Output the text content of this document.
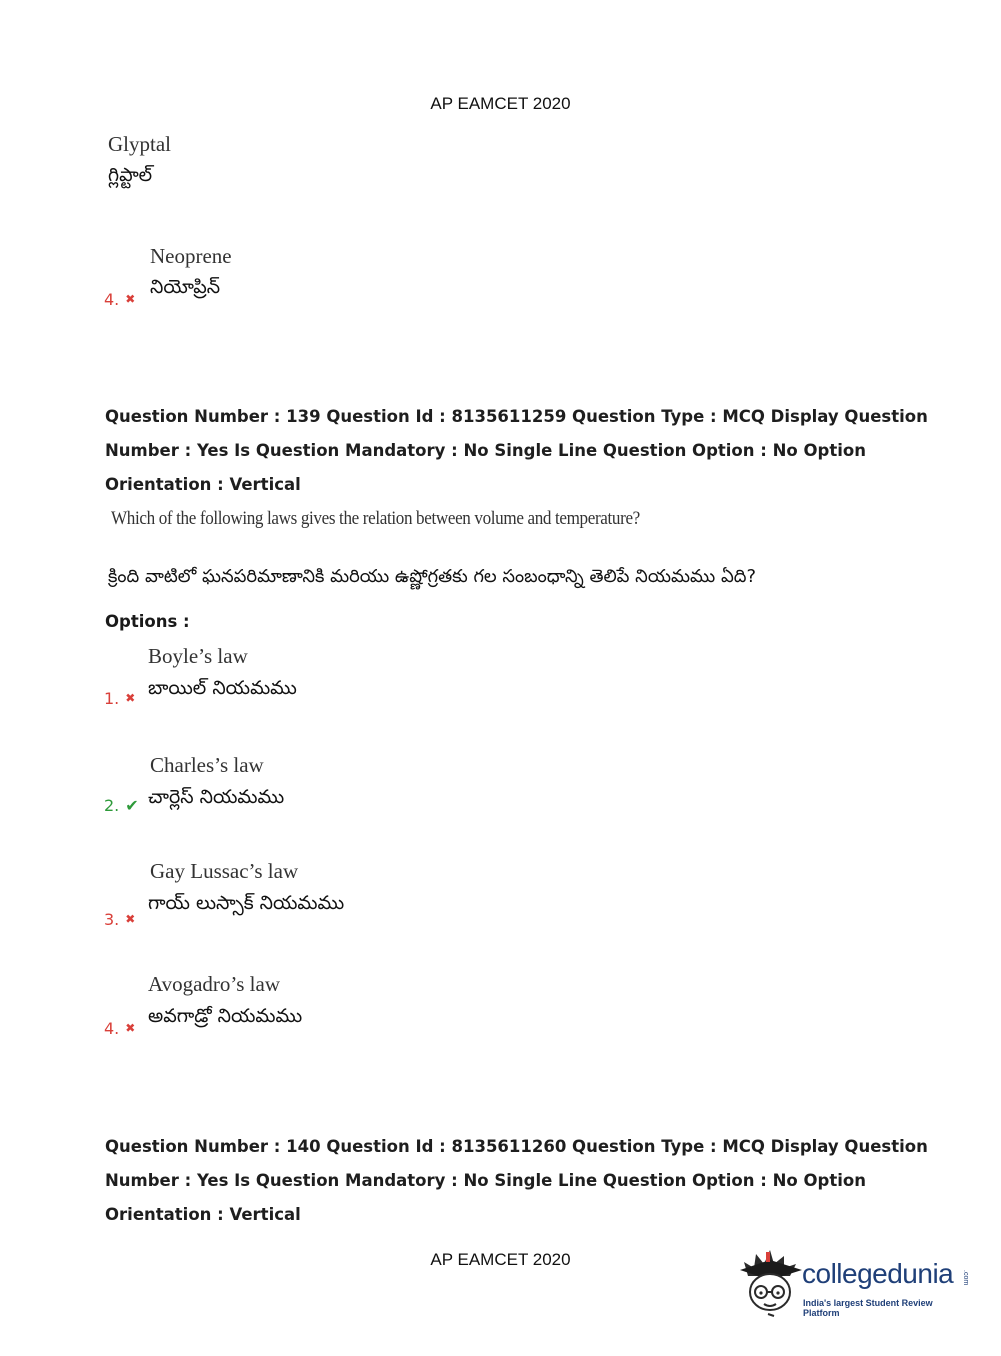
AP EAMCET 2020
Glyptal
గ్లిప్టాల్
Neoprene
నియోప్రిన్
4. ✖
Question Number : 139 Question Id : 8135611259 Question Type : MCQ Display Question
Number : Yes Is Question Mandatory : No Single Line Question Option : No Option
Orientation : Vertical
Which of the following laws gives the relation between volume and temperature?
క్రింది వాటిలో ఘనపరిమాణానికి మరియు ఉష్ణోగ్రతకు గల సంబంధాన్ని తెలిపే నియమము ఏది?
Options :
Boyle’s law
బాయిల్ నియమము
1. ✖
Charles’s law
చార్లెస్ నియమము
2. ✔
Gay Lussac’s law
గాయ్ లుస్సాక్ నియమము
3. ✖
Avogadro’s law
అవగాడ్రో నియమము
4. ✖
Question Number : 140 Question Id : 8135611260 Question Type : MCQ Display Question
Number : Yes Is Question Mandatory : No Single Line Question Option : No Option
Orientation : Vertical
AP EAMCET 2020	collegedunia .com
India's largest Student Review Platform
